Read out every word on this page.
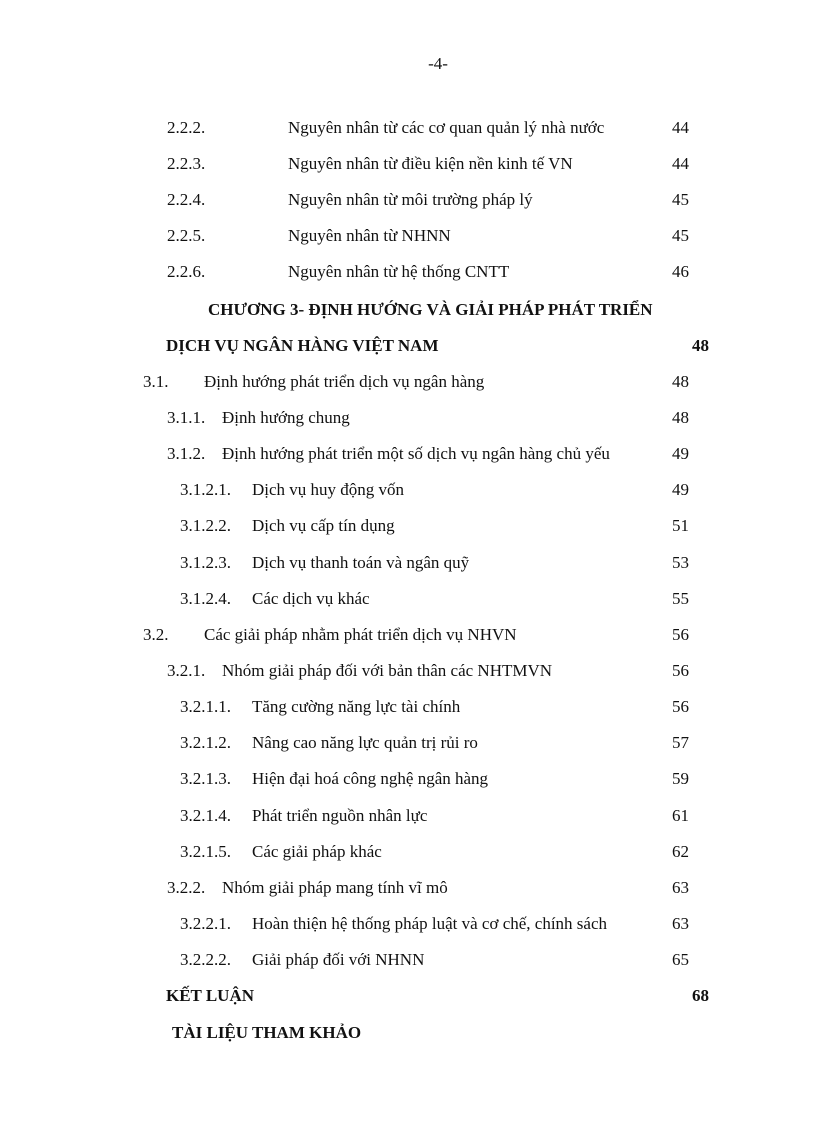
-4-
2.2.2.	Nguyên nhân từ các cơ quan quản lý nhà nước	44
2.2.3.	Nguyên nhân từ điều kiện nền kinh tế VN	44
2.2.4.	Nguyên nhân từ môi trường pháp lý	45
2.2.5.	Nguyên nhân từ NHNN	45
2.2.6.	Nguyên nhân từ hệ thống CNTT	46
CHƯƠNG 3- ĐỊNH HƯỚNG VÀ GIẢI PHÁP PHÁT TRIỂN
DỊCH VỤ NGÂN HÀNG VIỆT NAM	48
3.1. Định hướng phát triển dịch vụ ngân hàng	48
3.1.1. Định hướng chung	48
3.1.2. Định hướng phát triển một số dịch vụ ngân hàng chủ yếu	49
3.1.2.1. Dịch vụ huy động vốn	49
3.1.2.2. Dịch vụ cấp tín dụng	51
3.1.2.3. Dịch vụ thanh toán và ngân quỹ	53
3.1.2.4. Các dịch vụ khác	55
3.2. Các giải pháp nhằm phát triển dịch vụ NHVN	56
3.2.1. Nhóm giải pháp đối với bản thân các NHTMVN	56
3.2.1.1. Tăng cường năng lực tài chính	56
3.2.1.2. Nâng cao năng lực quản trị rủi ro	57
3.2.1.3. Hiện đại hoá công nghệ ngân hàng	59
3.2.1.4. Phát triển nguồn nhân lực	61
3.2.1.5. Các giải pháp khác	62
3.2.2. Nhóm giải pháp mang tính vĩ mô	63
3.2.2.1. Hoàn thiện hệ thống pháp luật và cơ chế, chính sách	63
3.2.2.2. Giải pháp đối với NHNN	65
KẾT LUẬN	68
TÀI LIỆU THAM KHẢO
